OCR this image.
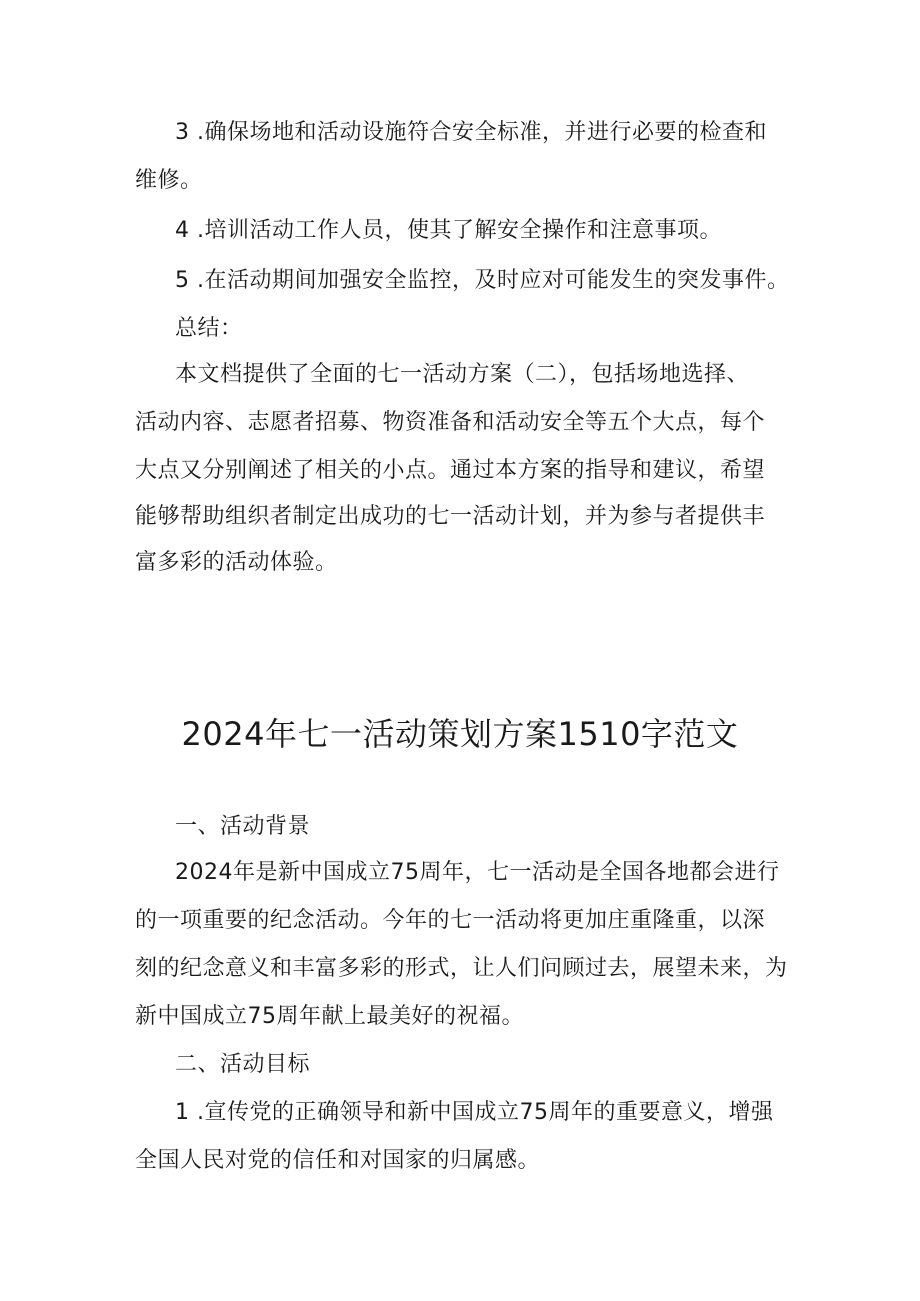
3 .确保场地和活动设施符合安全标准，并进行必要的检查和
维修。
4 .培训活动工作人员，使其了解安全操作和注意事项。
5 .在活动期间加强安全监控，及时应对可能发生的突发事件。
总结：
本文档提供了全面的七一活动方案（二），包括场地选择、
活动内容、志愿者招募、物资准备和活动安全等五个大点，每个
大点又分别阐述了相关的小点。通过本方案的指导和建议，希望
能够帮助组织者制定出成功的七一活动计划，并为参与者提供丰
富多彩的活动体验。
2024年七一活动策划方案1510字范文
一、活动背景
2024年是新中国成立75周年，七一活动是全国各地都会进行
的一项重要的纪念活动。今年的七一活动将更加庄重隆重，以深
刻的纪念意义和丰富多彩的形式，让人们问顾过去，展望未来，为
新中国成立75周年献上最美好的祝福。
二、活动目标
1 .宣传党的正确领导和新中国成立75周年的重要意义，增强
全国人民对党的信任和对国家的归属感。
